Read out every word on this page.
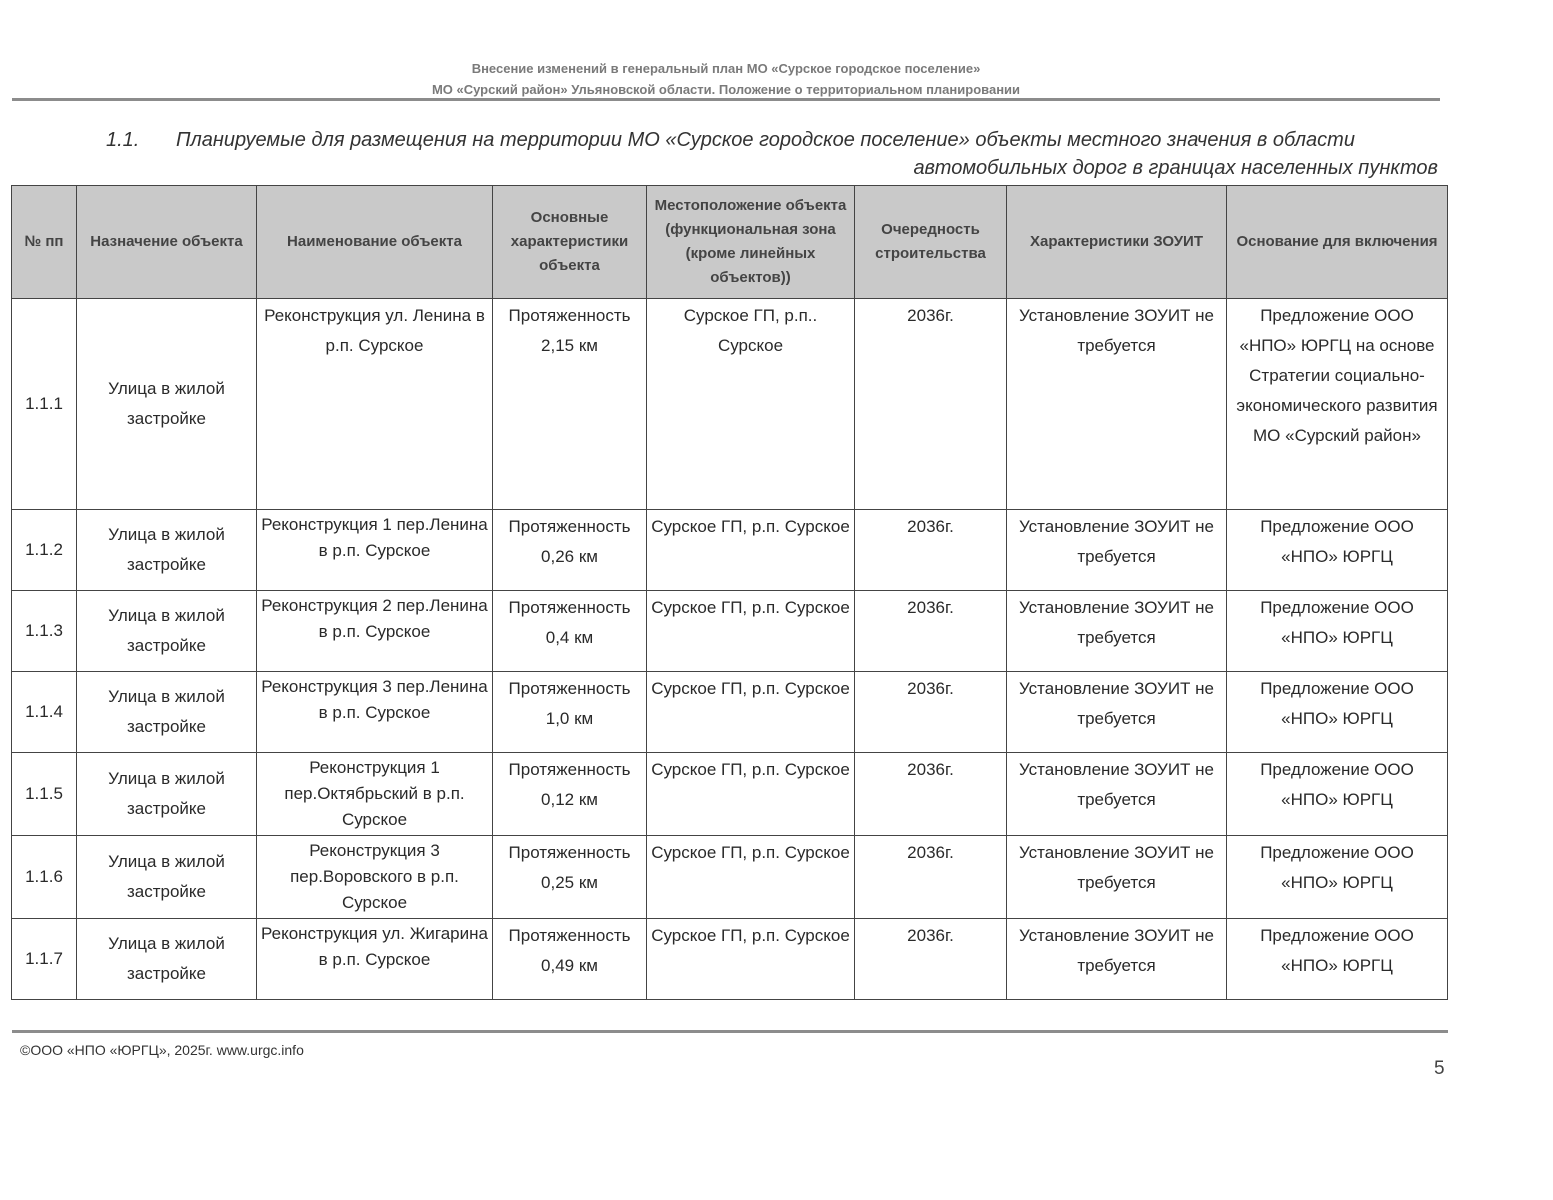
Внесение изменений в генеральный план МО «Сурское городское поселение»
МО «Сурский район» Ульяновской области. Положение о территориальном планировании
1.1. Планируемые для размещения на территории МО «Сурское городское поселение» объекты местного значения в области
автомобильных дорог в границах населенных пунктов
№ пп	Назначение объекта	Наименование объекта	Основные характеристики объекта	Местоположение объекта (функциональная зона (кроме линейных объектов))	Очередность строительства	Характеристики ЗОУИТ	Основание для включения
1.1.1	Улица в жилой застройке	Реконструкция ул. Ленина в р.п. Сурское	Протяженность 2,15 км	Сурское ГП, р.п.. Сурское	2036г.	Установление ЗОУИТ не требуется	Предложение ООО «НПО» ЮРГЦ на основе Стратегии социально-экономического развития МО «Сурский район»
1.1.2	Улица в жилой застройке	Реконструкция 1 пер.Ленина в р.п. Сурское	Протяженность 0,26 км	Сурское ГП, р.п. Сурское	2036г.	Установление ЗОУИТ не требуется	Предложение ООО «НПО» ЮРГЦ
1.1.3	Улица в жилой застройке	Реконструкция 2 пер.Ленина в р.п. Сурское	Протяженность 0,4 км	Сурское ГП, р.п. Сурское	2036г.	Установление ЗОУИТ не требуется	Предложение ООО «НПО» ЮРГЦ
1.1.4	Улица в жилой застройке	Реконструкция 3 пер.Ленина в р.п. Сурское	Протяженность 1,0 км	Сурское ГП, р.п. Сурское	2036г.	Установление ЗОУИТ не требуется	Предложение ООО «НПО» ЮРГЦ
1.1.5	Улица в жилой застройке	Реконструкция 1 пер.Октябрьский в р.п. Сурское	Протяженность 0,12 км	Сурское ГП, р.п. Сурское	2036г.	Установление ЗОУИТ не требуется	Предложение ООО «НПО» ЮРГЦ
1.1.6	Улица в жилой застройке	Реконструкция 3 пер.Воровского в р.п. Сурское	Протяженность 0,25 км	Сурское ГП, р.п. Сурское	2036г.	Установление ЗОУИТ не требуется	Предложение ООО «НПО» ЮРГЦ
1.1.7	Улица в жилой застройке	Реконструкция ул. Жигарина в р.п. Сурское	Протяженность 0,49 км	Сурское ГП, р.п. Сурское	2036г.	Установление ЗОУИТ не требуется	Предложение ООО «НПО» ЮРГЦ
©ООО «НПО «ЮРГЦ», 2025г. www.urgc.info
5
